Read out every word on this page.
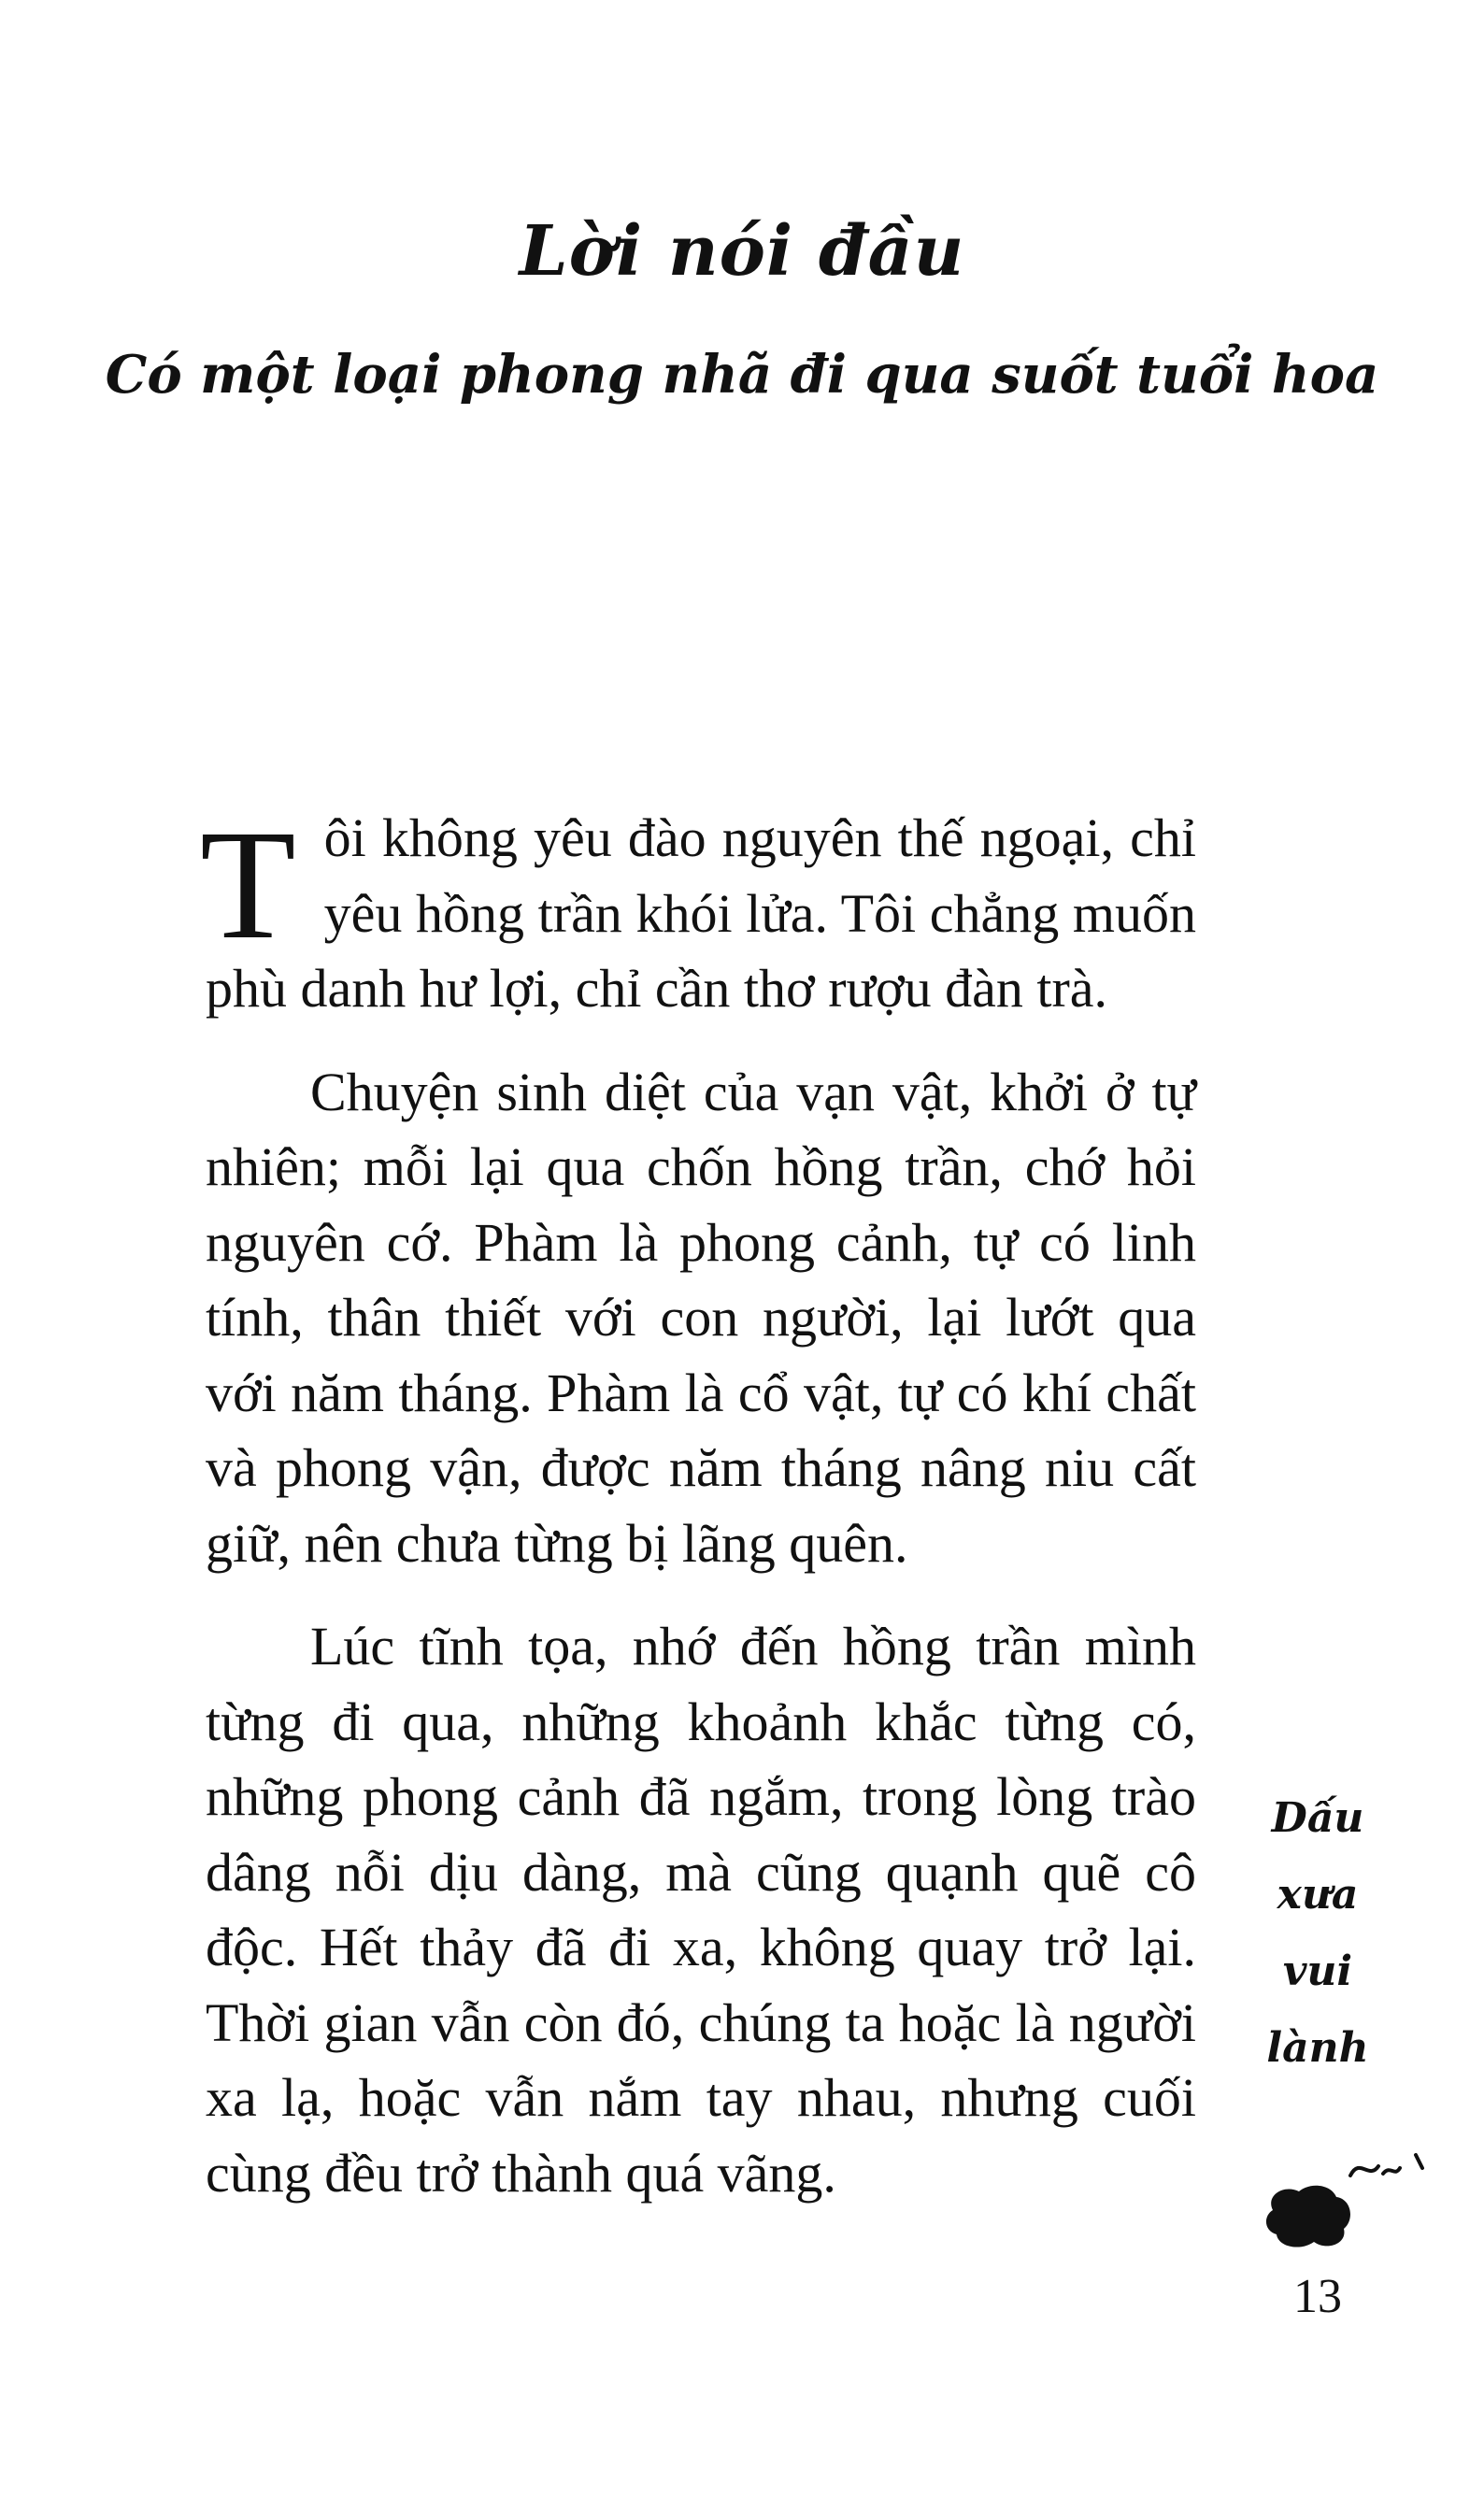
Lời nói đầu
Có một loại phong nhã đi qua suốt tuổi hoa

Tôi không yêu đào nguyên thế ngoại, chỉ yêu hồng trần khói lửa. Tôi chẳng muốn phù danh hư lợi, chỉ cần thơ rượu đàn trà.

Chuyện sinh diệt của vạn vật, khởi ở tự nhiên; mỗi lại qua chốn hồng trần, chớ hỏi nguyên cớ. Phàm là phong cảnh, tự có linh tính, thân thiết với con người, lại lướt qua với năm tháng. Phàm là cổ vật, tự có khí chất và phong vận, được năm tháng nâng niu cất giữ, nên chưa từng bị lãng quên.

Lúc tĩnh tọa, nhớ đến hồng trần mình từng đi qua, những khoảnh khắc từng có, những phong cảnh đã ngắm, trong lòng trào dâng nỗi dịu dàng, mà cũng quạnh quẽ cô độc. Hết thảy đã đi xa, không quay trở lại. Thời gian vẫn còn đó, chúng ta hoặc là người xa lạ, hoặc vẫn nắm tay nhau, nhưng cuối cùng đều trở thành quá vãng.

Dấu
xưa
vui
lành
13
